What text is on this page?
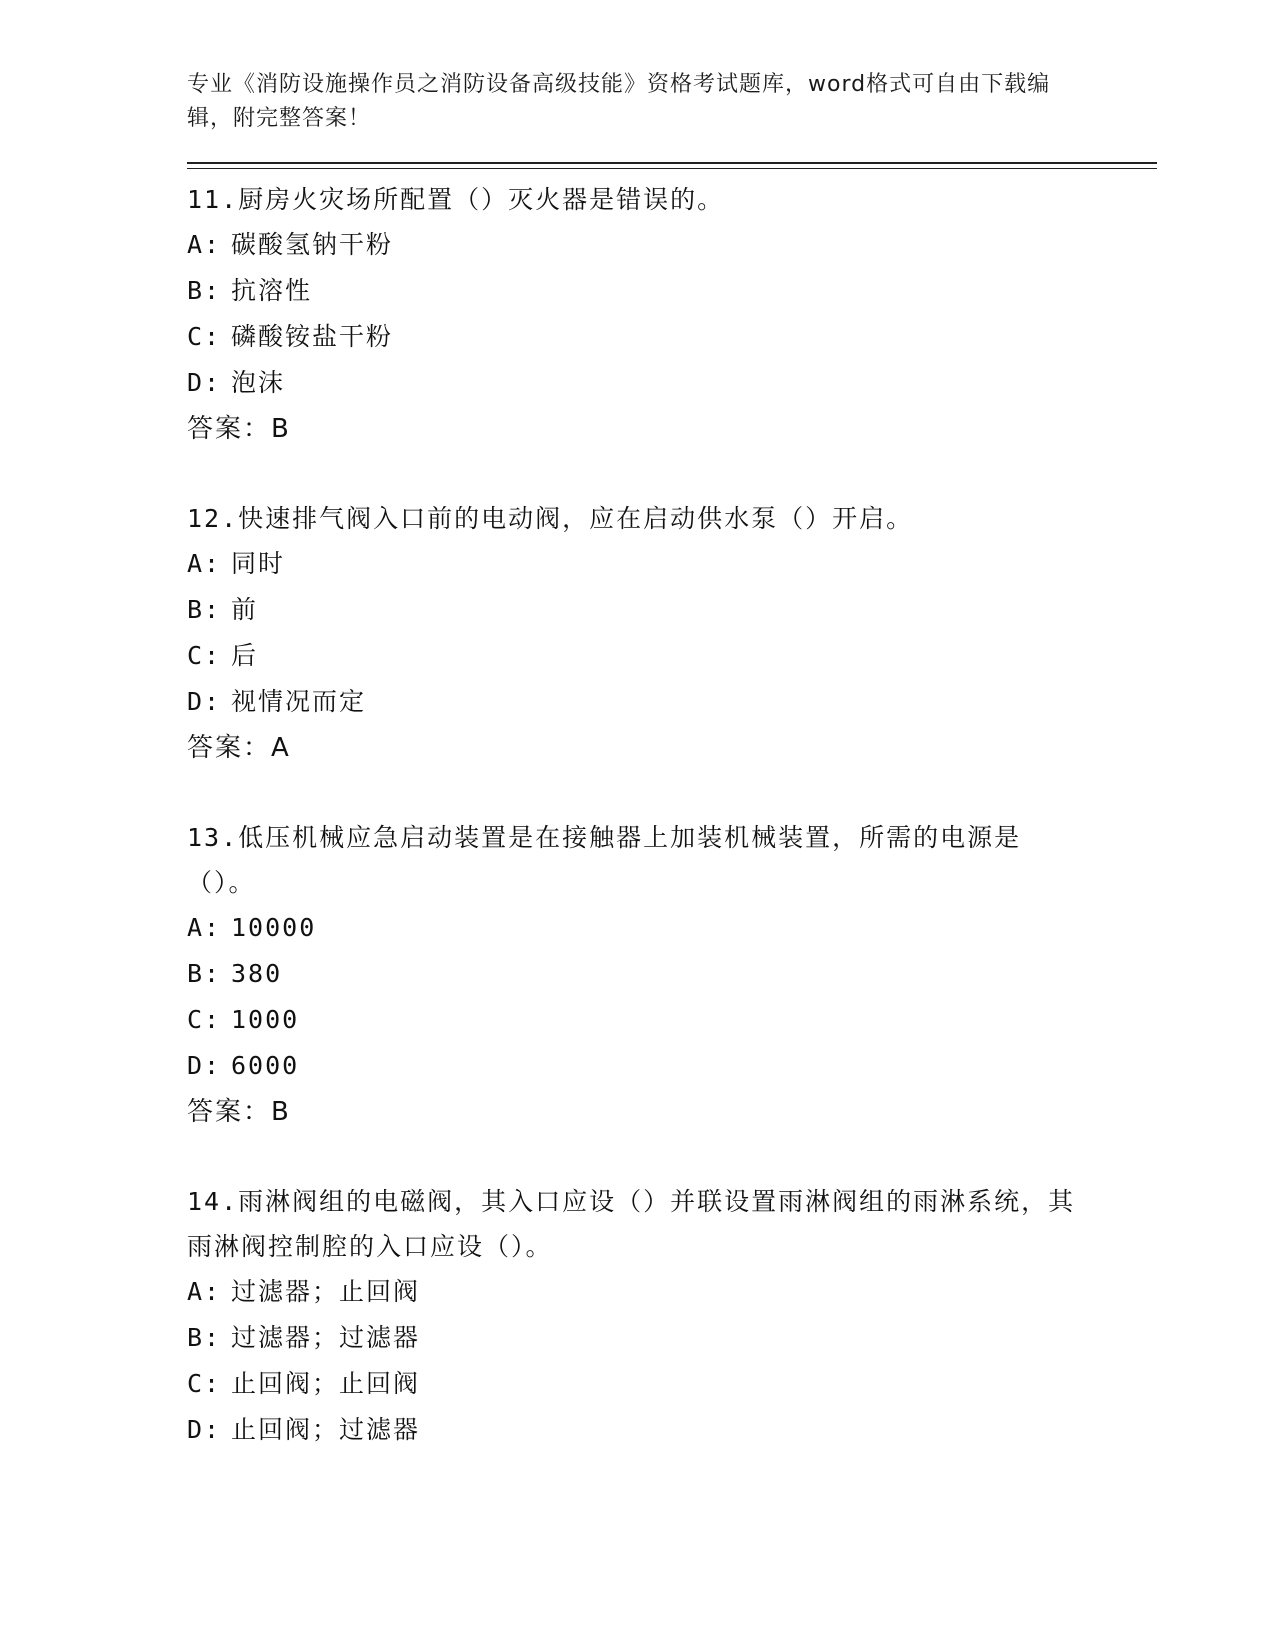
专业《消防设施操作员之消防设备高级技能》资格考试题库，word格式可自由下载编辑，附完整答案！
11.厨房火灾场所配置（）灭火器是错误的。
A: 碳酸氢钠干粉
B: 抗溶性
C: 磷酸铵盐干粉
D: 泡沫
答案：B
12.快速排气阀入口前的电动阀，应在启动供水泵（）开启。
A: 同时
B: 前
C: 后
D: 视情况而定
答案：A
13.低压机械应急启动装置是在接触器上加装机械装置，所需的电源是（）。
A: 10000
B: 380
C: 1000
D: 6000
答案：B
14.雨淋阀组的电磁阀，其入口应设（）并联设置雨淋阀组的雨淋系统，其雨淋阀控制腔的入口应设（）。
A: 过滤器；止回阀
B: 过滤器；过滤器
C: 止回阀；止回阀
D: 止回阀；过滤器
